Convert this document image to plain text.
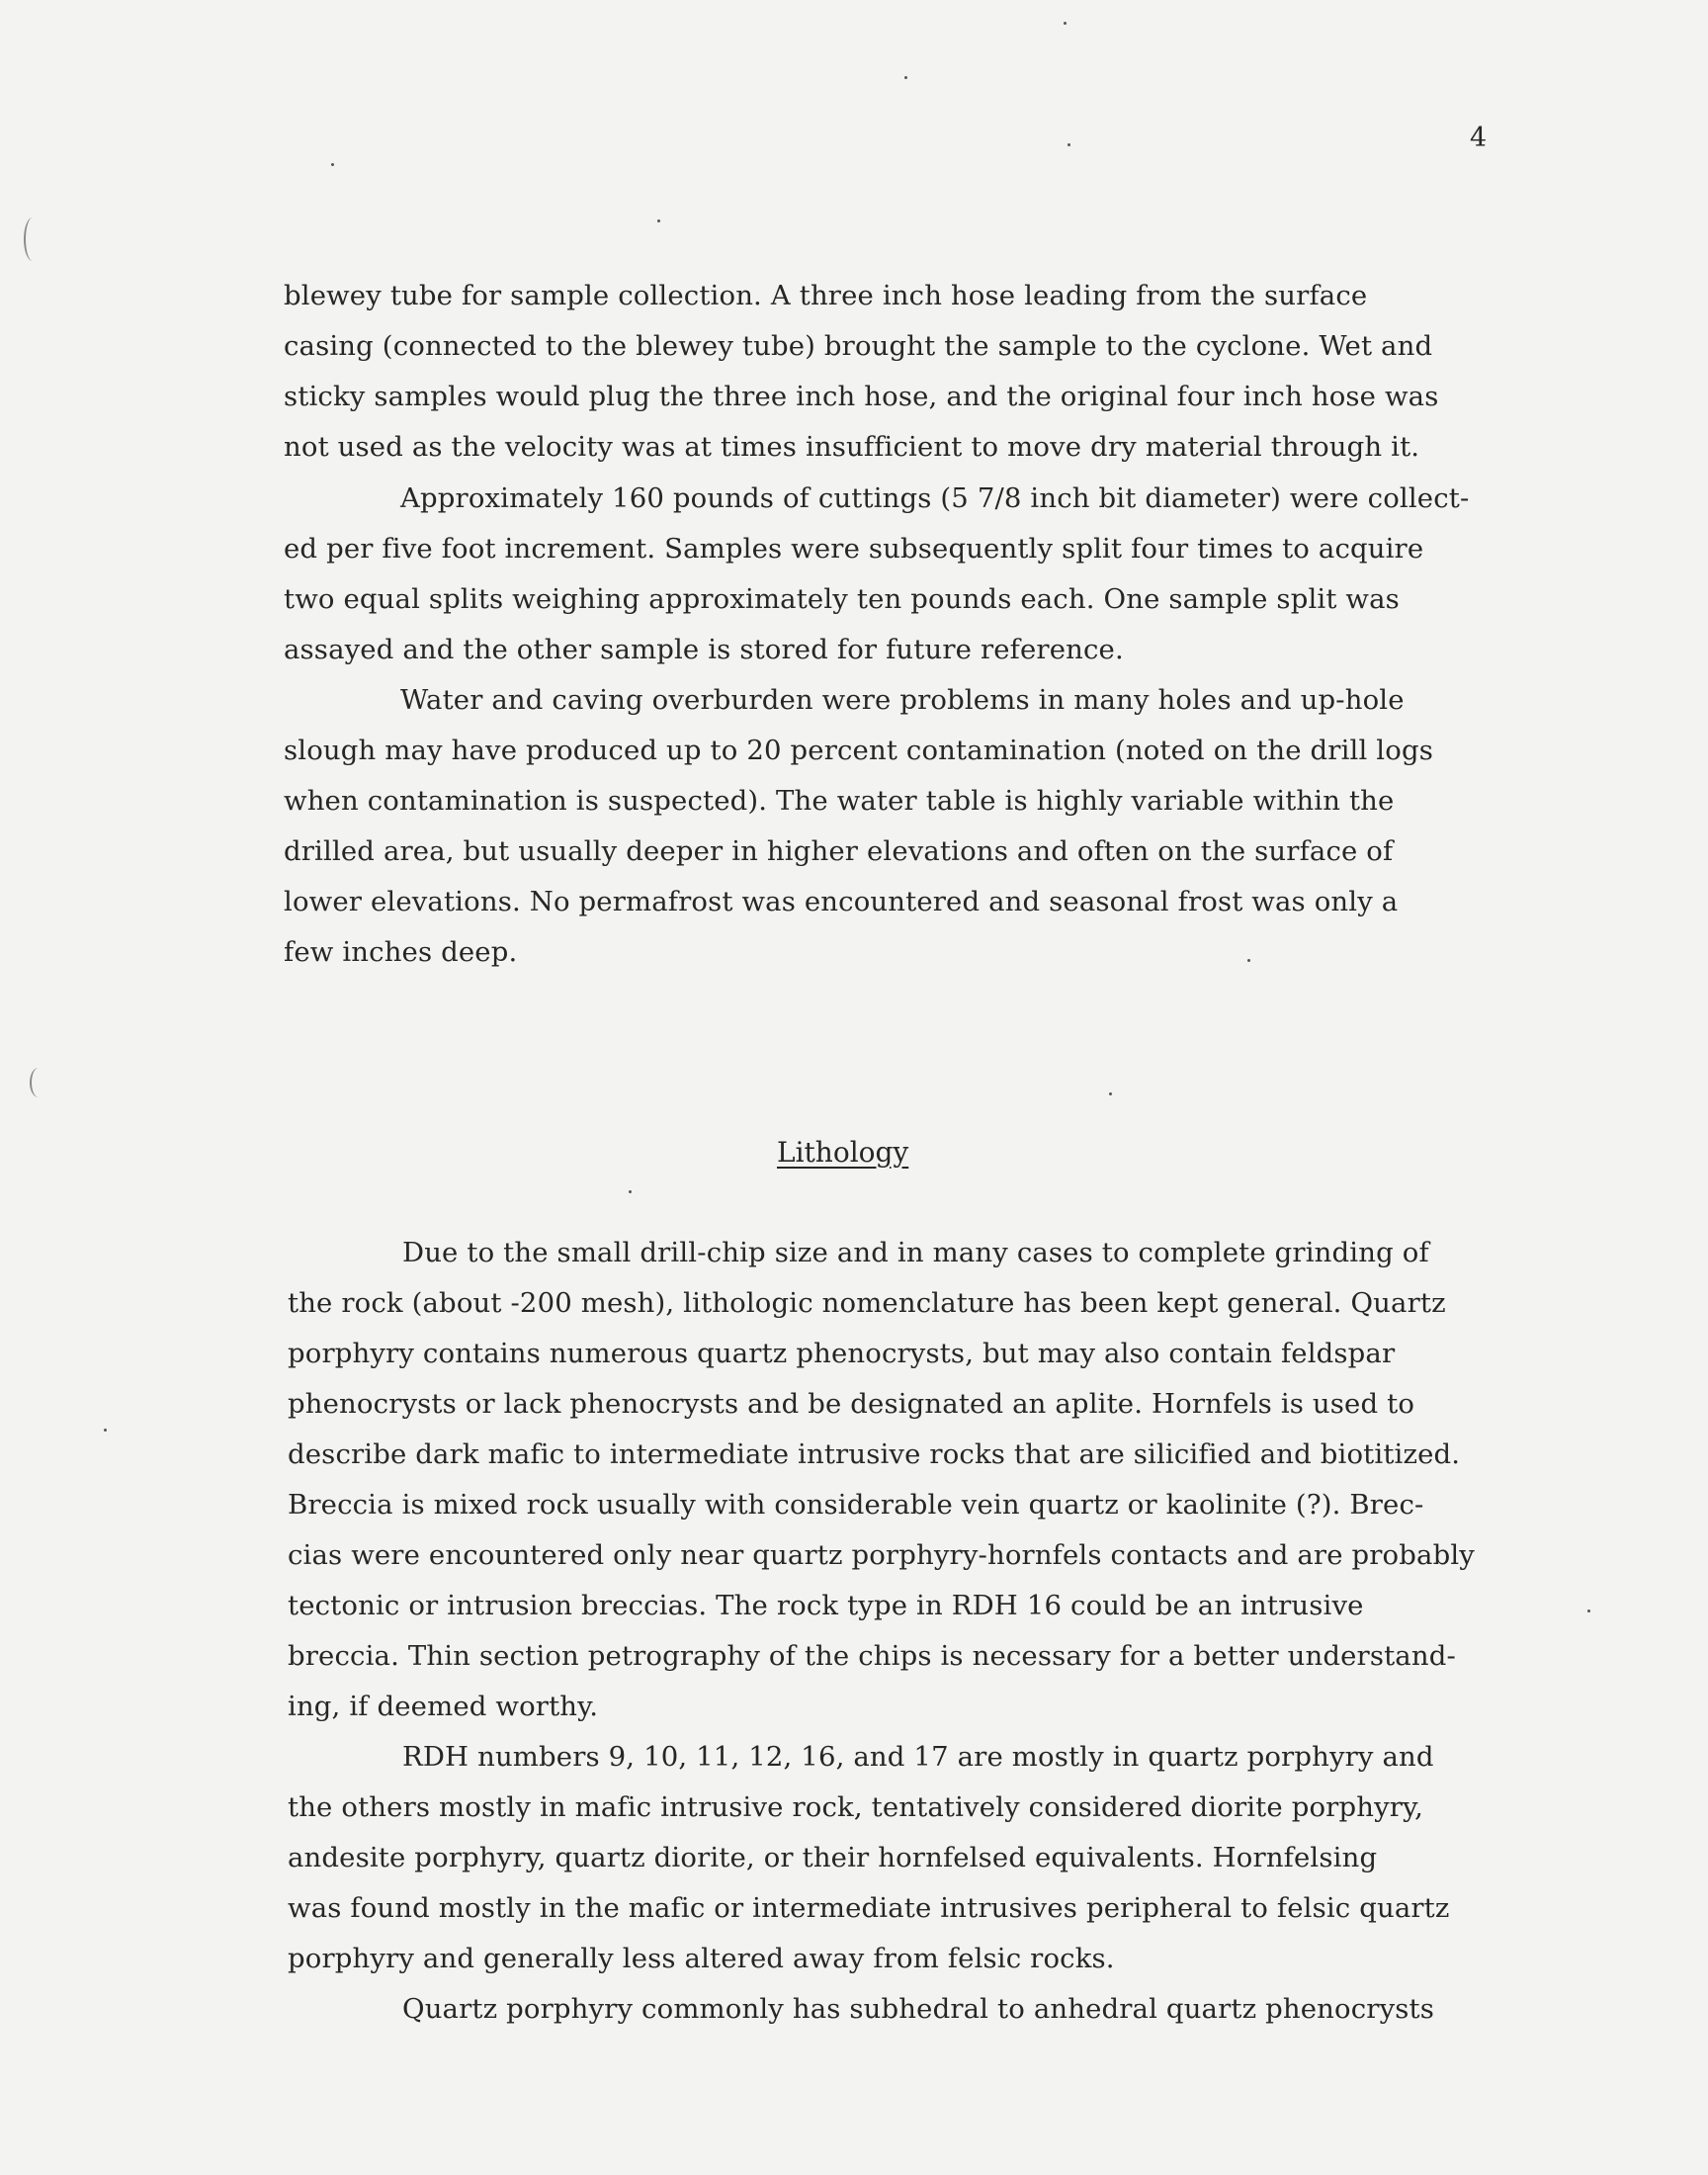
4
blewey tube for sample collection. A three inch hose leading from the surface
casing (connected to the blewey tube) brought the sample to the cyclone. Wet and
sticky samples would plug the three inch hose, and the original four inch hose was
not used as the velocity was at times insufficient to move dry material through it.
Approximately 160 pounds of cuttings (5 7/8 inch bit diameter) were collect-
ed per five foot increment. Samples were subsequently split four times to acquire
two equal splits weighing approximately ten pounds each. One sample split was
assayed and the other sample is stored for future reference.
Water and caving overburden were problems in many holes and up-hole
slough may have produced up to 20 percent contamination (noted on the drill logs
when contamination is suspected). The water table is highly variable within the
drilled area, but usually deeper in higher elevations and often on the surface of
lower elevations. No permafrost was encountered and seasonal frost was only a
few inches deep.
Lithology
Due to the small drill-chip size and in many cases to complete grinding of
the rock (about -200 mesh), lithologic nomenclature has been kept general. Quartz
porphyry contains numerous quartz phenocrysts, but may also contain feldspar
phenocrysts or lack phenocrysts and be designated an aplite. Hornfels is used to
describe dark mafic to intermediate intrusive rocks that are silicified and biotitized.
Breccia is mixed rock usually with considerable vein quartz or kaolinite (?). Brec-
cias were encountered only near quartz porphyry-hornfels contacts and are probably
tectonic or intrusion breccias. The rock type in RDH 16 could be an intrusive
breccia. Thin section petrography of the chips is necessary for a better understand-
ing, if deemed worthy.
RDH numbers 9, 10, 11, 12, 16, and 17 are mostly in quartz porphyry and
the others mostly in mafic intrusive rock, tentatively considered diorite porphyry,
andesite porphyry, quartz diorite, or their hornfelsed equivalents. Hornfelsing
was found mostly in the mafic or intermediate intrusives peripheral to felsic quartz
porphyry and generally less altered away from felsic rocks.
Quartz porphyry commonly has subhedral to anhedral quartz phenocrysts
